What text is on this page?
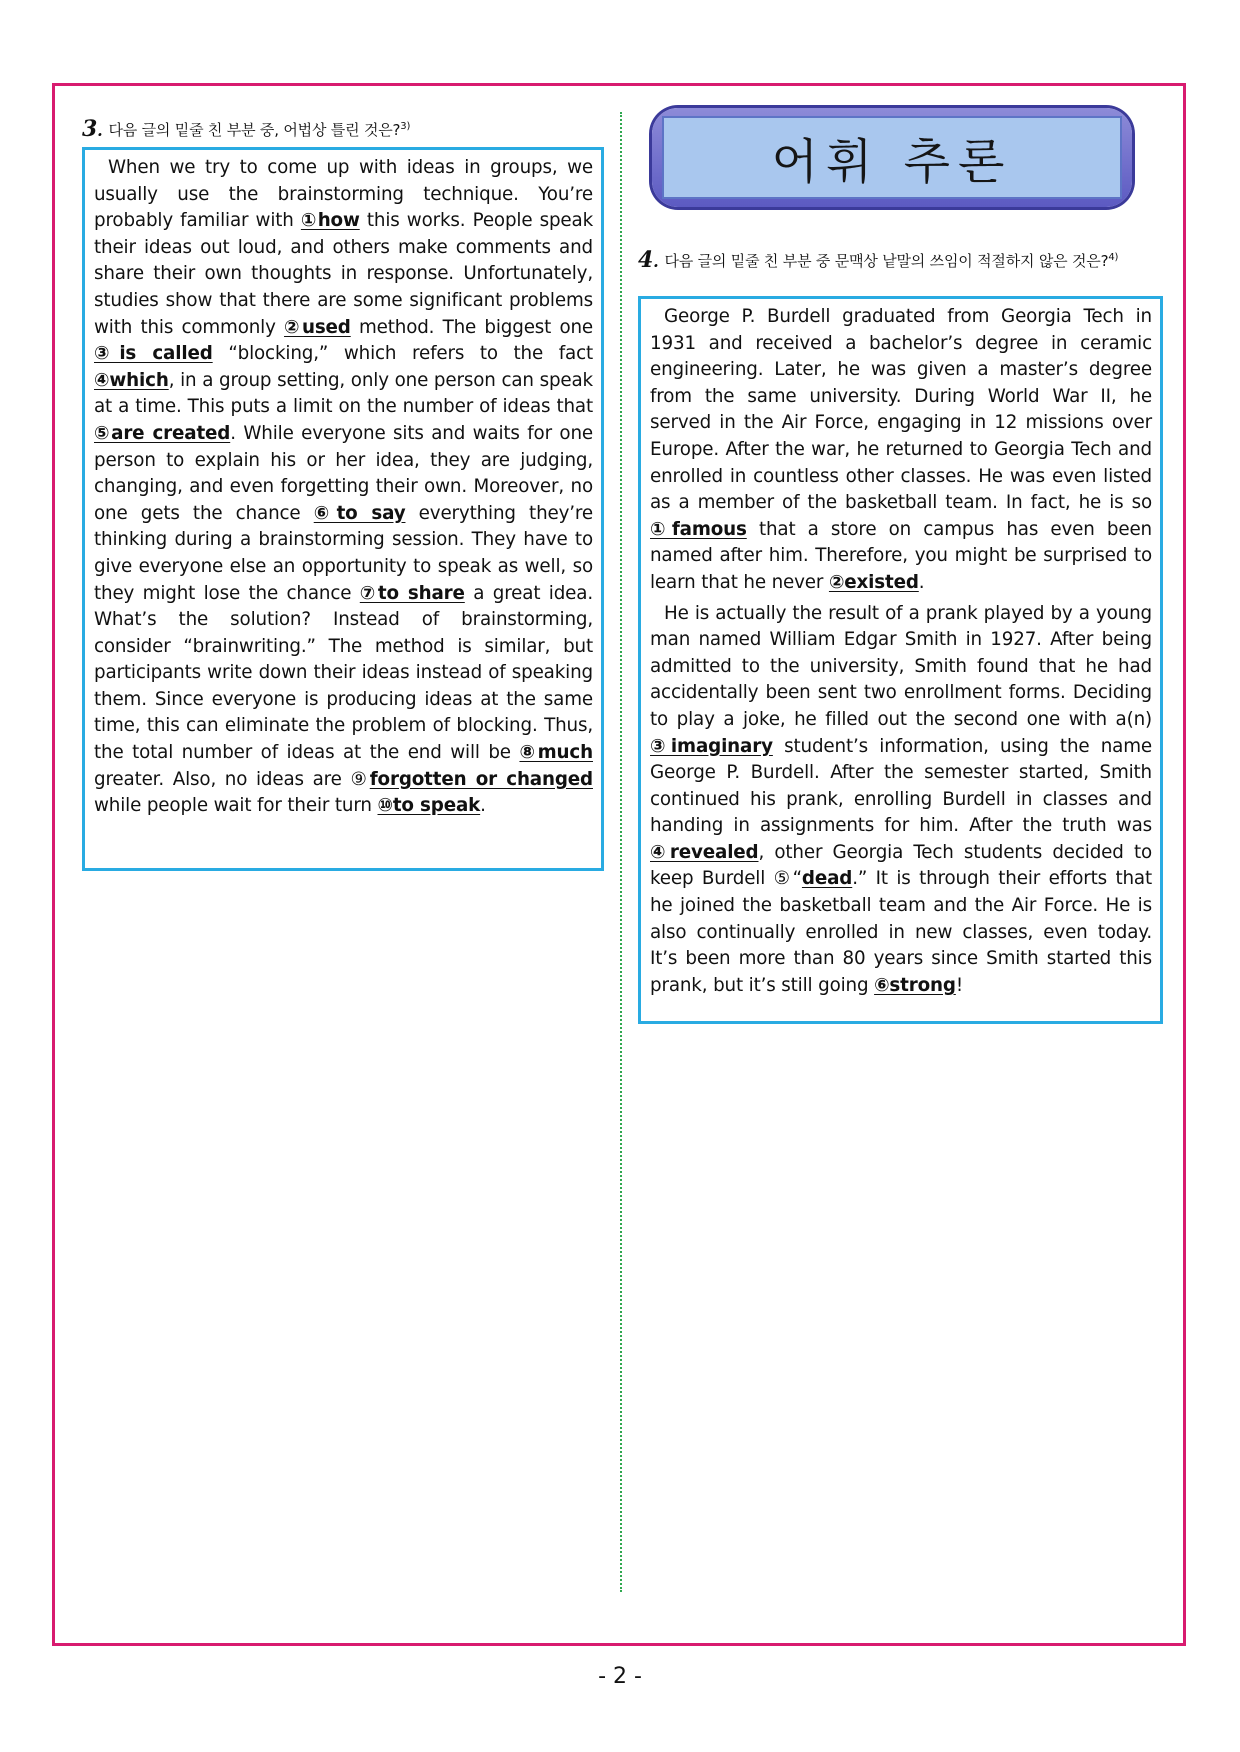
3. 다음 글의 밑줄 친 부분 중, 어법상 틀린 것은?$^{3)}$

When we try to come up with ideas in groups, we usually use the brainstorming technique. You’re probably familiar with ①how this works. People speak their ideas out loud, and others make comments and share their own thoughts in response. Unfortunately, studies show that there are some significant problems with this commonly ②used method. The biggest one ③is called “blocking,” which refers to the fact ④which, in a group setting, only one person can speak at a time. This puts a limit on the number of ideas that ⑤are created. While everyone sits and waits for one person to explain his or her idea, they are judging, changing, and even forgetting their own. Moreover, no one gets the chance ⑥to say everything they’re thinking during a brainstorming session. They have to give everyone else an opportunity to speak as well, so they might lose the chance ⑦to share a great idea. What’s the solution? Instead of brainstorming, consider “brainwriting.” The method is similar, but participants write down their ideas instead of speaking them. Since everyone is producing ideas at the same time, this can eliminate the problem of blocking. Thus, the total number of ideas at the end will be ⑧much greater. Also, no ideas are ⑨forgotten or changed while people wait for their turn ⑩to speak.

어휘 추론
4. 다음 글의 밑줄 친 부분 중 문맥상 낱말의 쓰임이 적절하지 않은 것은?$^{4)}$

George P. Burdell graduated from Georgia Tech in 1931 and received a bachelor’s degree in ceramic engineering. Later, he was given a master’s degree from the same university. During World War II, he served in the Air Force, engaging in 12 missions over Europe. After the war, he returned to Georgia Tech and enrolled in countless other classes. He was even listed as a member of the basketball team. In fact, he is so ①famous that a store on campus has even been named after him. Therefore, you might be surprised to learn that he never ②existed.

He is actually the result of a prank played by a young man named William Edgar Smith in 1927. After being admitted to the university, Smith found that he had accidentally been sent two enrollment forms. Deciding to play a joke, he filled out the second one with a(n) ③imaginary student’s information, using the name George P. Burdell. After the semester started, Smith continued his prank, enrolling Burdell in classes and handing in assignments for him. After the truth was ④revealed, other Georgia Tech students decided to keep Burdell ⑤“dead.” It is through their efforts that he joined the basketball team and the Air Force. He is also continually enrolled in new classes, even today. It’s been more than 80 years since Smith started this prank, but it’s still going ⑥strong!

- 2 -
